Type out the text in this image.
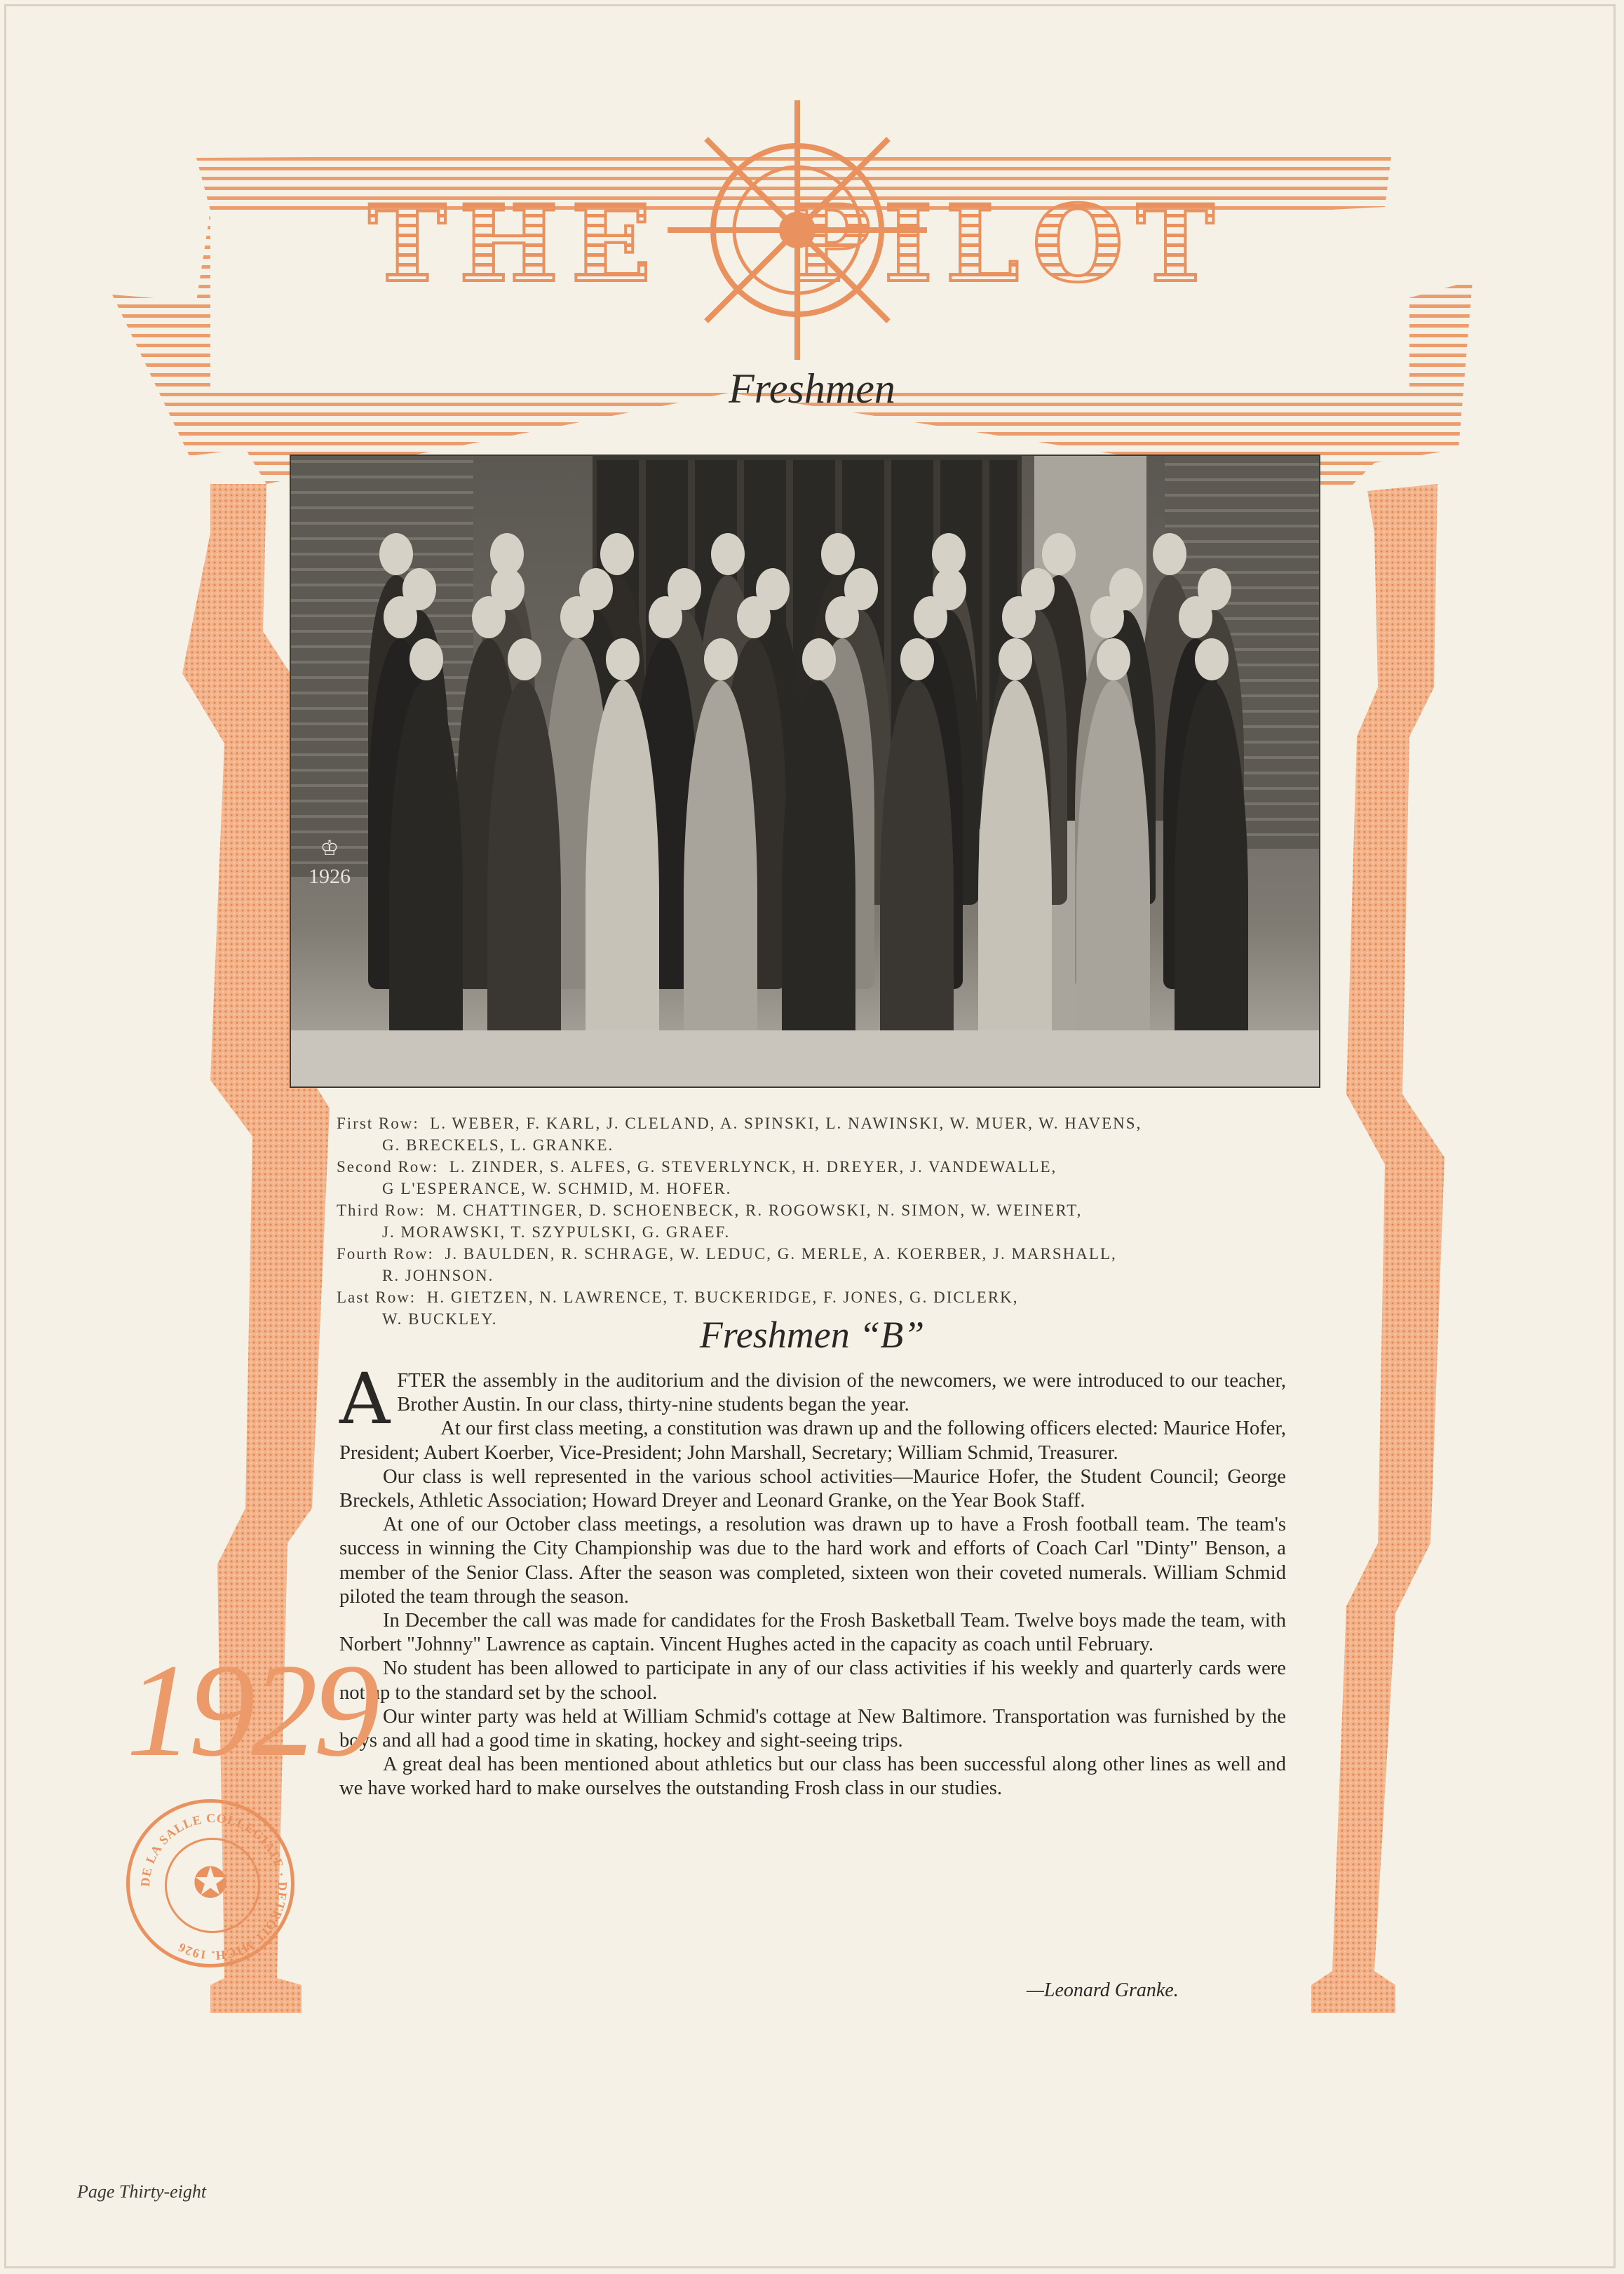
THE PILOT
Freshmen
♔
1926
First Row: L. WEBER, F. KARL, J. CLELAND, A. SPINSKI, L. NAWINSKI, W. MUER, W. HAVENS,
G. BRECKELS, L. GRANKE.
Second Row: L. ZINDER, S. ALFES, G. STEVERLYNCK, H. DREYER, J. VANDEWALLE,
G L'ESPERANCE, W. SCHMID, M. HOFER.
Third Row: M. CHATTINGER, D. SCHOENBECK, R. ROGOWSKI, N. SIMON, W. WEINERT,
J. MORAWSKI, T. SZYPULSKI, G. GRAEF.
Fourth Row: J. BAULDEN, R. SCHRAGE, W. LEDUC, G. MERLE, A. KOERBER, J. MARSHALL,
R. JOHNSON.
Last Row: H. GIETZEN, N. LAWRENCE, T. BUCKERIDGE, F. JONES, G. DICLERK,
W. BUCKLEY.	Freshmen “B”

AFTER the assembly in the auditorium and the division of the newcomers, we were introduced to our teacher, Brother Austin. In our class, thirty-nine students began the year.

At our first class meeting, a constitution was drawn up and the following officers elected: Maurice Hofer, President; Aubert Koerber, Vice-President; John Marshall, Secretary; William Schmid, Treasurer.

Our class is well represented in the various school activities—Maurice Hofer, the Student Council; George Breckels, Athletic Association; Howard Dreyer and Leonard Granke, on the Year Book Staff.

At one of our October class meetings, a resolution was drawn up to have a Frosh football team. The team's success in winning the City Championship was due to the hard work and efforts of Coach Carl "Dinty" Benson, a member of the Senior Class. After the season was completed, sixteen won their coveted numerals. William Schmid piloted the team through the season.

In December the call was made for candidates for the Frosh Basketball Team. Twelve boys made the team, with Norbert "Johnny" Lawrence as captain. Vincent Hughes acted in the capacity as coach until February.

No student has been allowed to participate in any of our class activities if his weekly and quarterly cards were not up to the standard set by the school.

Our winter party was held at William Schmid's cottage at New Baltimore. Transportation was furnished by the boys and all had a good time in skating, hockey and sight-seeing trips.

A great deal has been mentioned about athletics but our class has been successful along other lines as well and we have worked hard to make ourselves the outstanding Frosh class in our studies.

—Leonard Granke.
1929
DE LA SALLE COLLEGIATE · DETROIT MICH. 1926
✪
Page Thirty-eight
